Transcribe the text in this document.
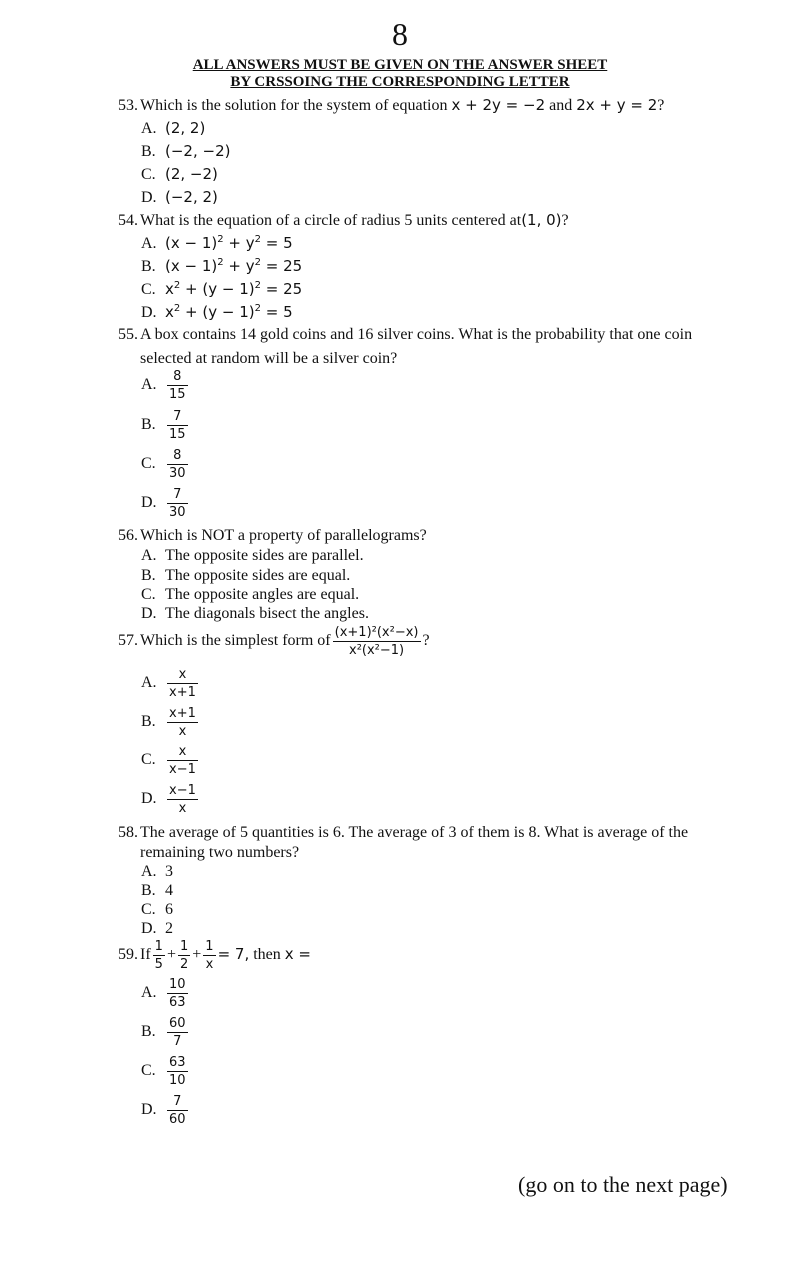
8
ALL ANSWERS MUST BE GIVEN ON THE ANSWER SHEET
BY CRSSOING THE CORRESPONDING LETTER
53. Which is the solution for the system of equation x + 2y = −2 and 2x + y = 2?
A. (2, 2)
B. (−2, −2)
C. (2, −2)
D. (−2, 2)
54. What is the equation of a circle of radius 5 units centered at(1, 0)?
A. $(x - 1)^2 + y^2 = 5$
B. $(x - 1)^2 + y^2 = 25$
C. $x^2 + (y - 1)^2 = 25$
D. $x^2 + (y - 1)^2 = 5$
55. A box contains 14 gold coins and 16 silver coins. What is the probability that one coin
selected at random will be a silver coin?
A. $\frac{8}{15}$
B. $\frac{7}{15}$
C. $\frac{8}{30}$
D. $\frac{7}{30}$
56. Which is NOT a property of parallelograms?
A. The opposite sides are parallel.
B. The opposite sides are equal.
C. The opposite angles are equal.
D. The diagonals bisect the angles.
57. Which is the simplest form of $\frac{\text{(x+1)²(x²−x)}}{\text{x²(x²−1)}}$ ?
A. $\frac{x}{x+1}$
B. $\frac{x+1}{x}$
C. $\frac{x}{x-1}$
D. $\frac{x-1}{x}$
58. The average of 5 quantities is 6. The average of 3 of them is 8. What is average of the
remaining two numbers?
A. 3
B. 4
C. 6
D. 2
59. If $\frac{1}{5} + \frac{1}{2} + \frac{1}{x} = 7$, then x =
A. $\frac{10}{63}$
B. $\frac{60}{7}$
C. $\frac{63}{10}$
D. $\frac{7}{60}$
(go on to the next page)
